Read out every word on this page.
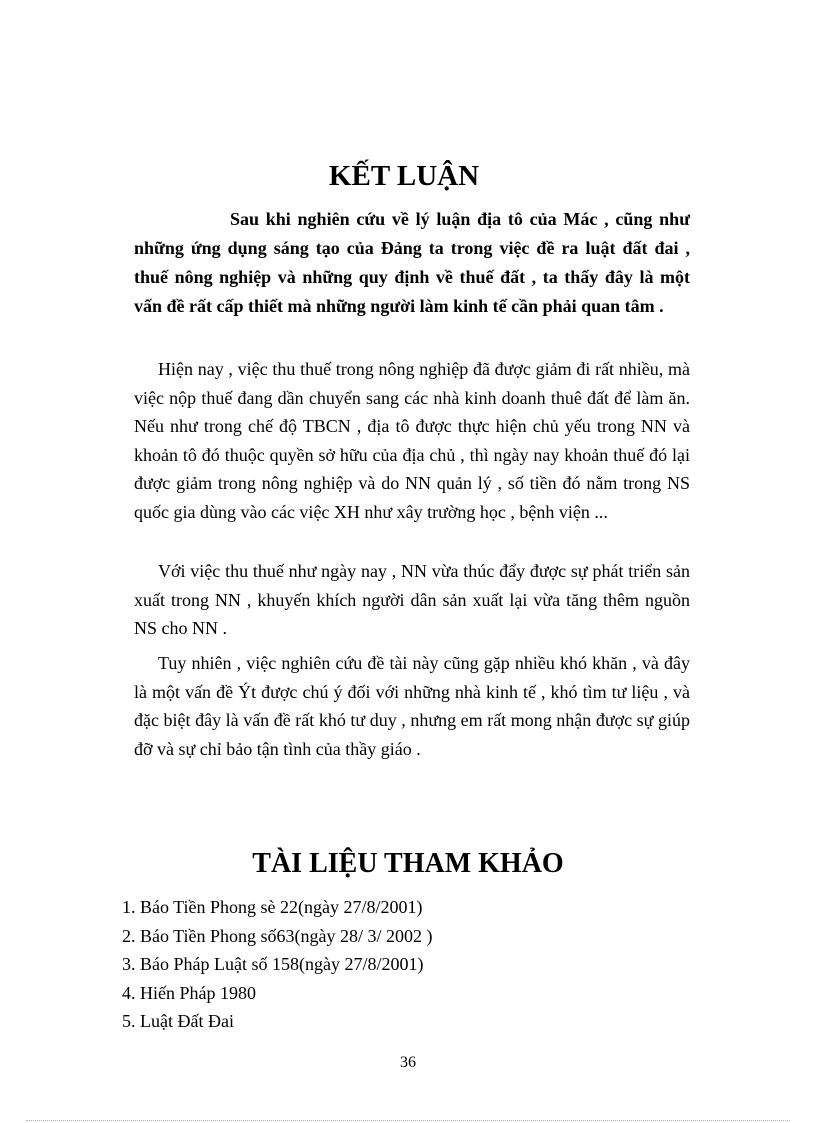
KẾT LUẬN

Sau khi nghiên cứu về lý luận địa tô của Mác , cũng như những ứng dụng sáng tạo của Đảng ta trong việc đề ra luật đất đai , thuế nông nghiệp và những quy định về thuế đất , ta thấy đây là một vấn đề rất cấp thiết mà những người làm kinh tế cần phải quan tâm .

Hiện nay , việc thu thuế trong nông nghiệp đã được giảm đi rất nhiều, mà việc nộp thuế đang dần chuyển sang các nhà kinh doanh thuê đất để làm ăn. Nếu như trong chế độ TBCN , địa tô được thực hiện chủ yếu trong NN và khoản tô đó thuộc quyền sở hữu của địa chủ , thì ngày nay khoản thuế đó lại được giảm trong nông nghiệp và do NN quản lý , số tiền đó nằm trong NS quốc gia dùng vào các việc XH như xây trường học , bệnh viện ...

Với việc thu thuế như ngày nay , NN vừa thúc đẩy được sự phát triển sản xuất trong NN , khuyến khích người dân sản xuất lại vừa tăng thêm nguồn NS cho NN .

Tuy nhiên , việc nghiên cứu đề tài này cũng gặp nhiều khó khăn , và đây là một vấn đề Ýt được chú ý đối với những nhà kinh tế , khó tìm tư liệu , và đặc biệt đây là vấn đề rất khó tư duy , nhưng em rất mong nhận được sự giúp đỡ và sự chỉ bảo tận tình của thầy giáo .

TÀI LIỆU THAM KHẢO
1. Báo Tiền Phong sè 22(ngày 27/8/2001)
2. Báo Tiền Phong số63(ngày 28/ 3/ 2002 )
3. Báo Pháp Luật số 158(ngày 27/8/2001)
4. Hiến Pháp 1980
5. Luật Đất Đai
36
